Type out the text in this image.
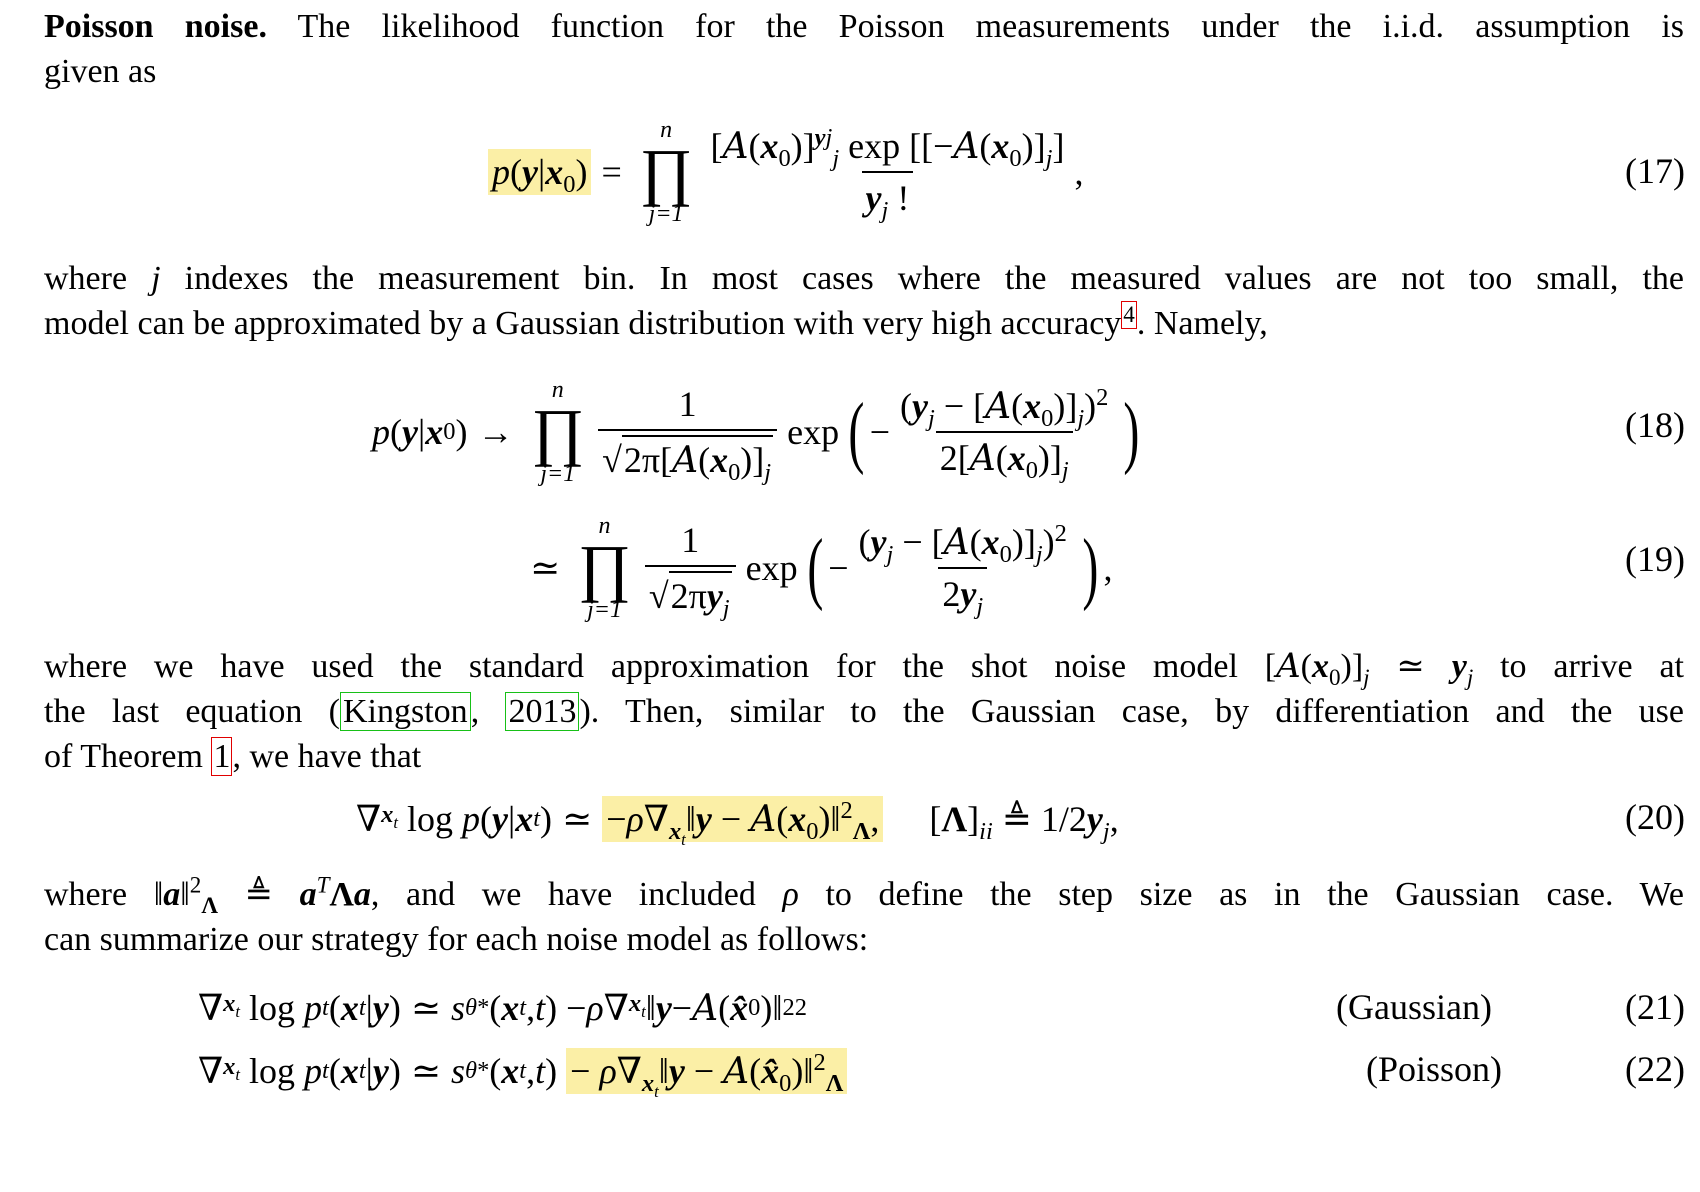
Poisson noise. The likelihood function for the Poisson measurements under the i.i.d. assumption is
given as
$p(y|x_0)$ =
n
∏
$j=1 \frac{[A(x_0)]^{yj}_j \exp [[-A(x_0)]_j]}{y_j !}$ ,	(17)
where j indexes the measurement bin. In most cases where the measured values are not too small, the
model can be approximated by a Gaussian distribution with very high accuracy$^4$. Namely,
p ( y | x 0 ) →
n
∏
$j=1 \frac{1}{√ 2\pi[A(x_0)]_j}$ exp ( − $\frac{(y_j - [A(x_0)]_j)^2}{2[A(x_0)]_j}$ )	(18)
≃
n
∏
$j=1 \frac{1}{√ 2\pi y_j}$ exp ( − $\frac{(y_j - [A(x_0)]_j)^2}{2y_j}$ ) ,	(19)
where we have used the standard approximation for the shot noise model $[A(x_0)]_j$ ≃ $y_j$ to arrive at
the last equation (Kingston, 2013). Then, similar to the Gaussian case, by differentiation and the use
of Theorem 1, we have that
∇ $x_t$ log p ( y | x t ) ≃ $-\rho\nabla_{x_t}‖y$ − $A(x_0)‖^2_\Lambda$, $[\Lambda]_{ii}$ ≜ $1/2y_j$,	(20)
where ‖a‖$^2_\Lambda$ ≜ $a^T\Lambda a$, and we have included ρ to define the step size as in the Gaussian case. We
can summarize our strategy for each noise model as follows:
∇ $x_t$ log p t ( x t | y ) ≃ s θ* ( x t , t ) − ρ ∇ $x_t$ ‖ y − A ( x̂ 0 )‖ 2 2	(Gaussian)	(21)
∇ $x_t$ log p t ( x t | y ) ≃ s θ* ( x t , t ) − $\rho\nabla_{x_t}‖y$ − $A(x̂_0)‖^2_\Lambda$	(Poisson)	(22)
